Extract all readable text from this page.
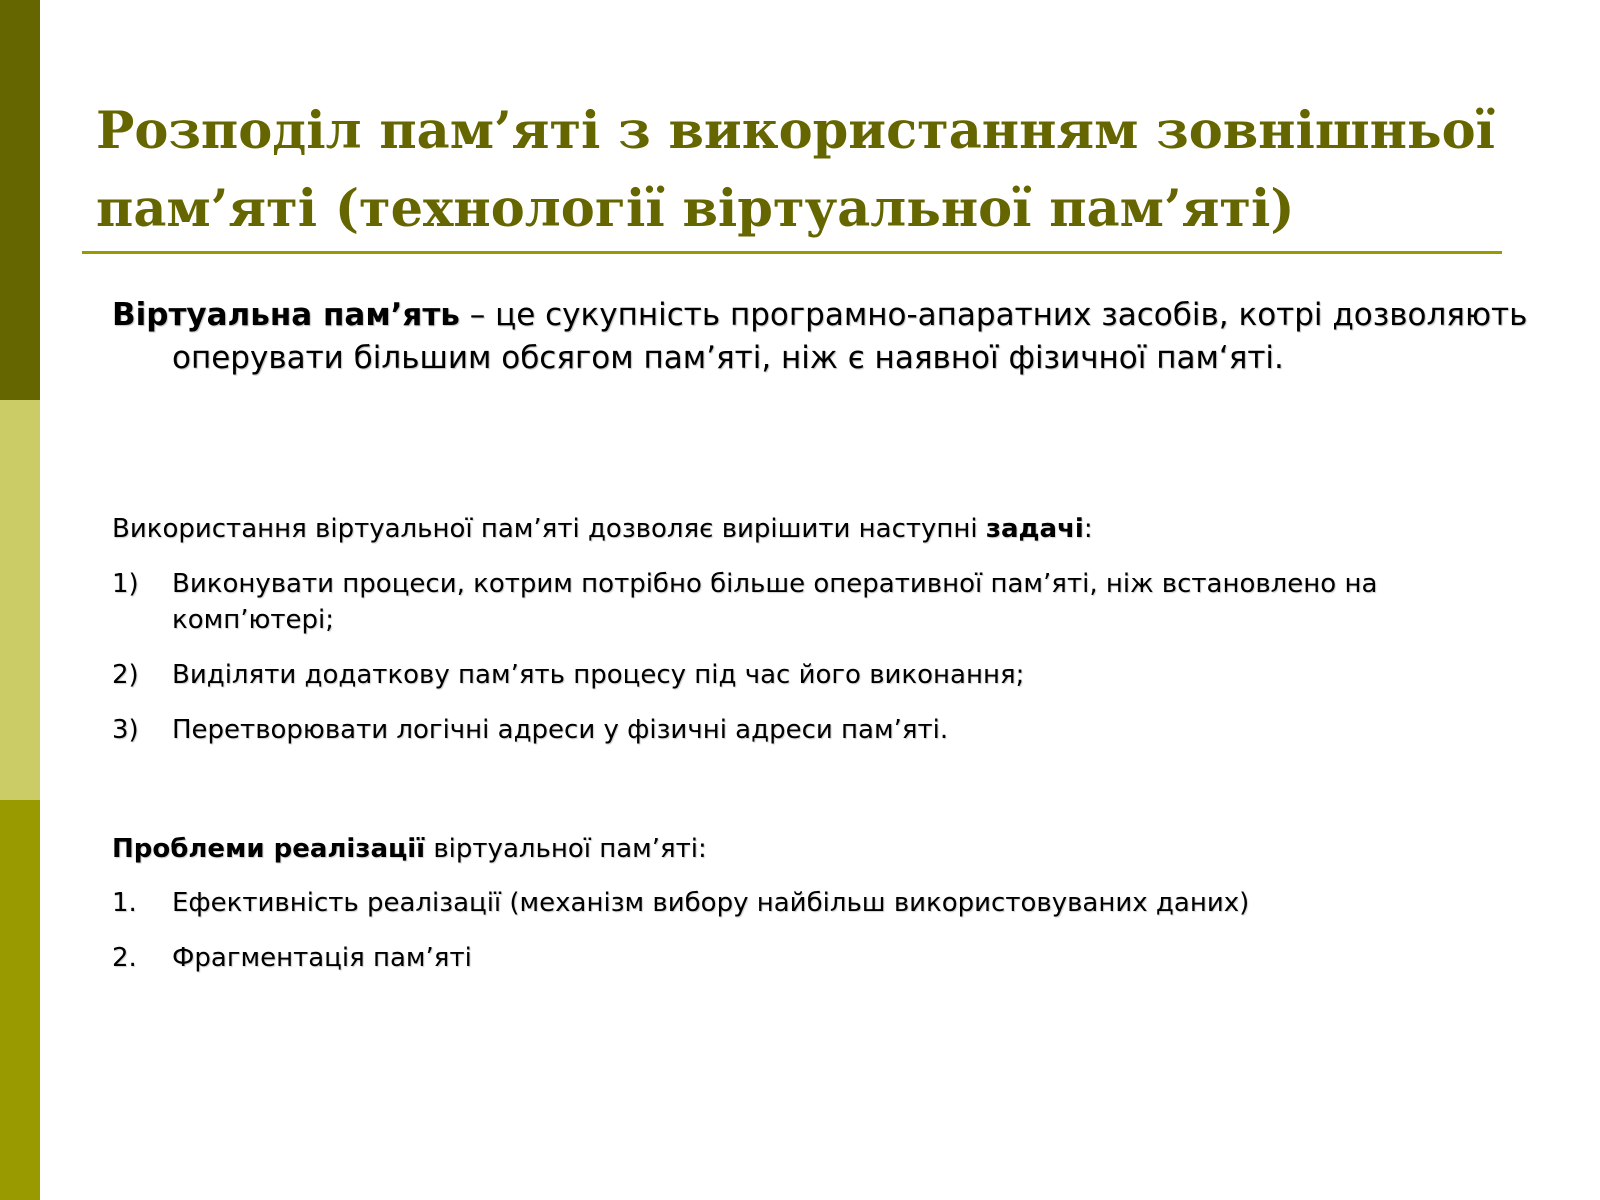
Розподіл пам’яті з використанням зовнішньої пам’яті (технології віртуальної пам’яті)

Віртуальна пам’ять – це сукупність програмно-апаратних засобів, котрі дозволяють оперувати більшим обсягом пам’яті, ніж є наявної фізичної пам‘яті.

Використання віртуальної пам’яті дозволяє вирішити наступні задачі:

1)	Виконувати процеси, котрим потрібно більше оперативної пам’яті, ніж встановлено на комп’ютері;
2)	Виділяти додаткову пам’ять процесу під час його виконання;
3)	Перетворювати логічні адреси у фізичні адреси пам’яті.

Проблеми реалізації віртуальної пам’яті:

1.	Ефективність реалізації (механізм вибору найбільш використовуваних даних)
2.	Фрагментація пам’яті
